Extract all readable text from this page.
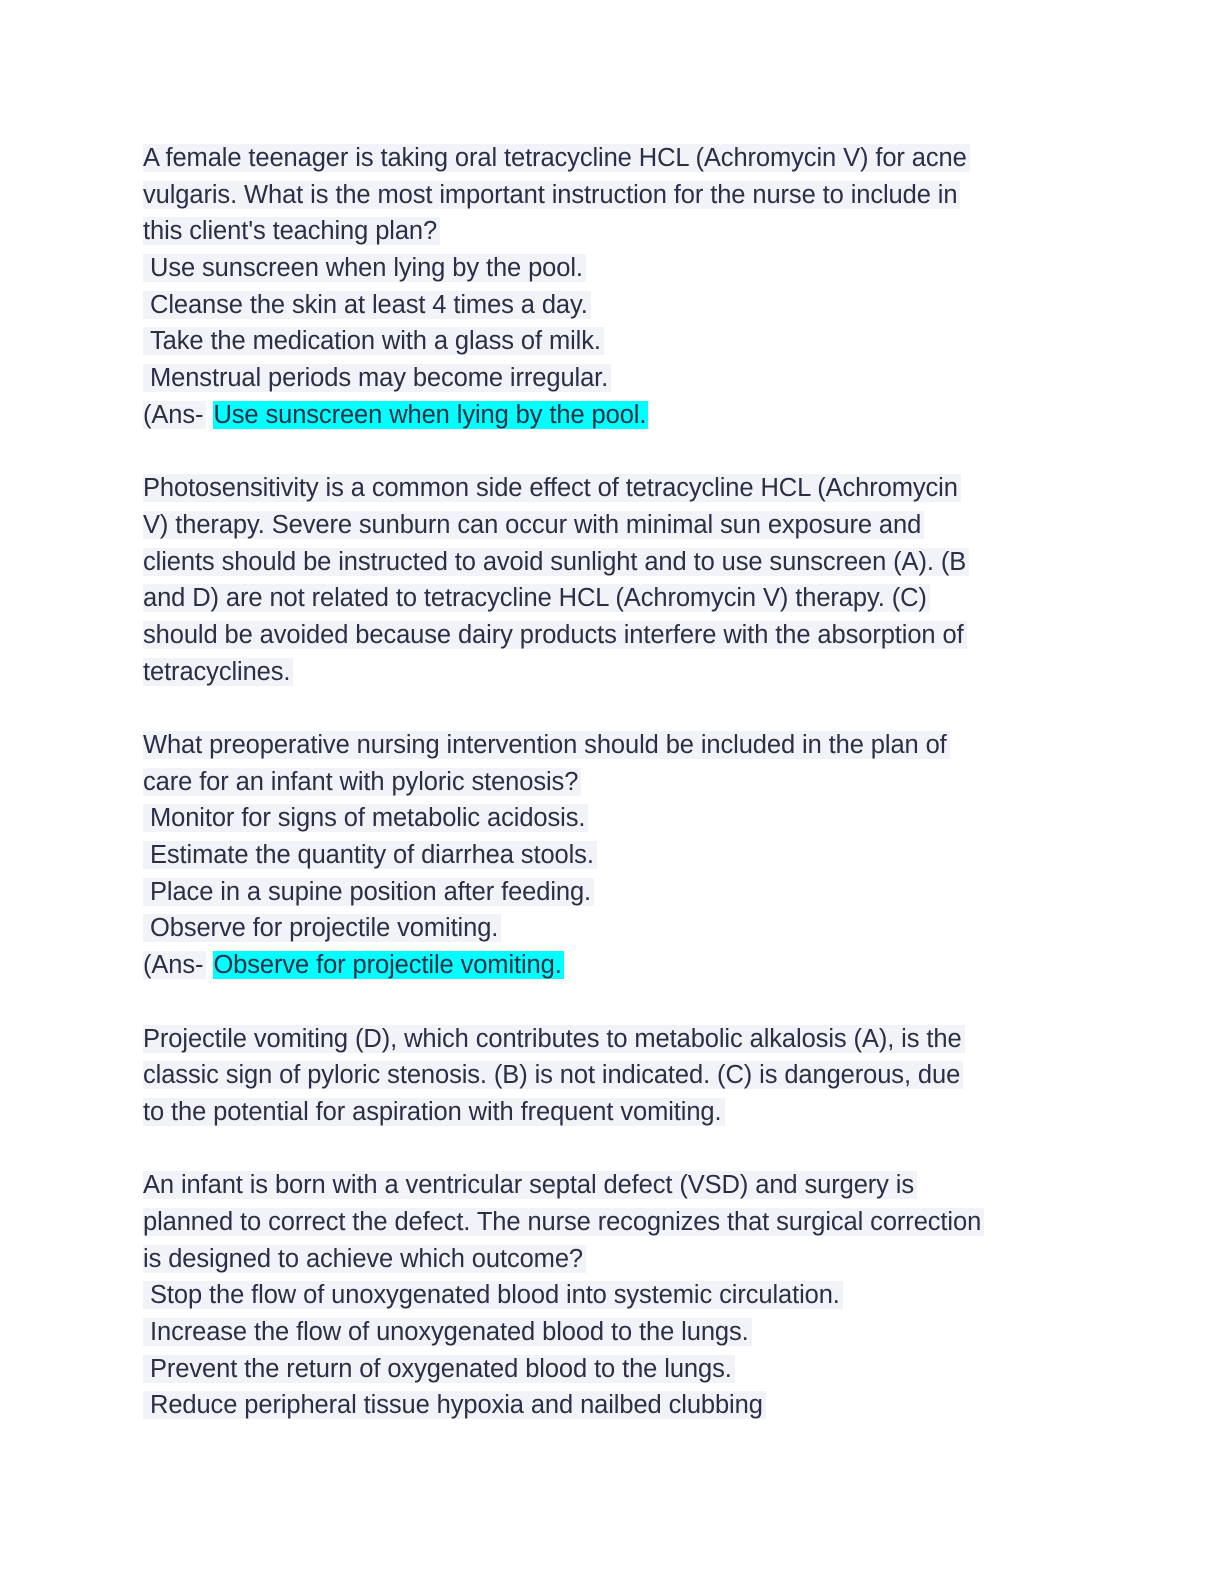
A female teenager is taking oral tetracycline HCL (Achromycin V) for acne
vulgaris. What is the most important instruction for the nurse to include in
this client's teaching plan?
Use sunscreen when lying by the pool.
Cleanse the skin at least 4 times a day.
Take the medication with a glass of milk.
Menstrual periods may become irregular.
(Ans- Use sunscreen when lying by the pool.
Photosensitivity is a common side effect of tetracycline HCL (Achromycin
V) therapy. Severe sunburn can occur with minimal sun exposure and
clients should be instructed to avoid sunlight and to use sunscreen (A). (B
and D) are not related to tetracycline HCL (Achromycin V) therapy. (C)
should be avoided because dairy products interfere with the absorption of
tetracyclines.
What preoperative nursing intervention should be included in the plan of
care for an infant with pyloric stenosis?
Monitor for signs of metabolic acidosis.
Estimate the quantity of diarrhea stools.
Place in a supine position after feeding.
Observe for projectile vomiting.
(Ans- Observe for projectile vomiting.
Projectile vomiting (D), which contributes to metabolic alkalosis (A), is the
classic sign of pyloric stenosis. (B) is not indicated. (C) is dangerous, due
to the potential for aspiration with frequent vomiting.
An infant is born with a ventricular septal defect (VSD) and surgery is
planned to correct the defect. The nurse recognizes that surgical correction
is designed to achieve which outcome?
Stop the flow of unoxygenated blood into systemic circulation.
Increase the flow of unoxygenated blood to the lungs.
Prevent the return of oxygenated blood to the lungs.
Reduce peripheral tissue hypoxia and nailbed clubbing
